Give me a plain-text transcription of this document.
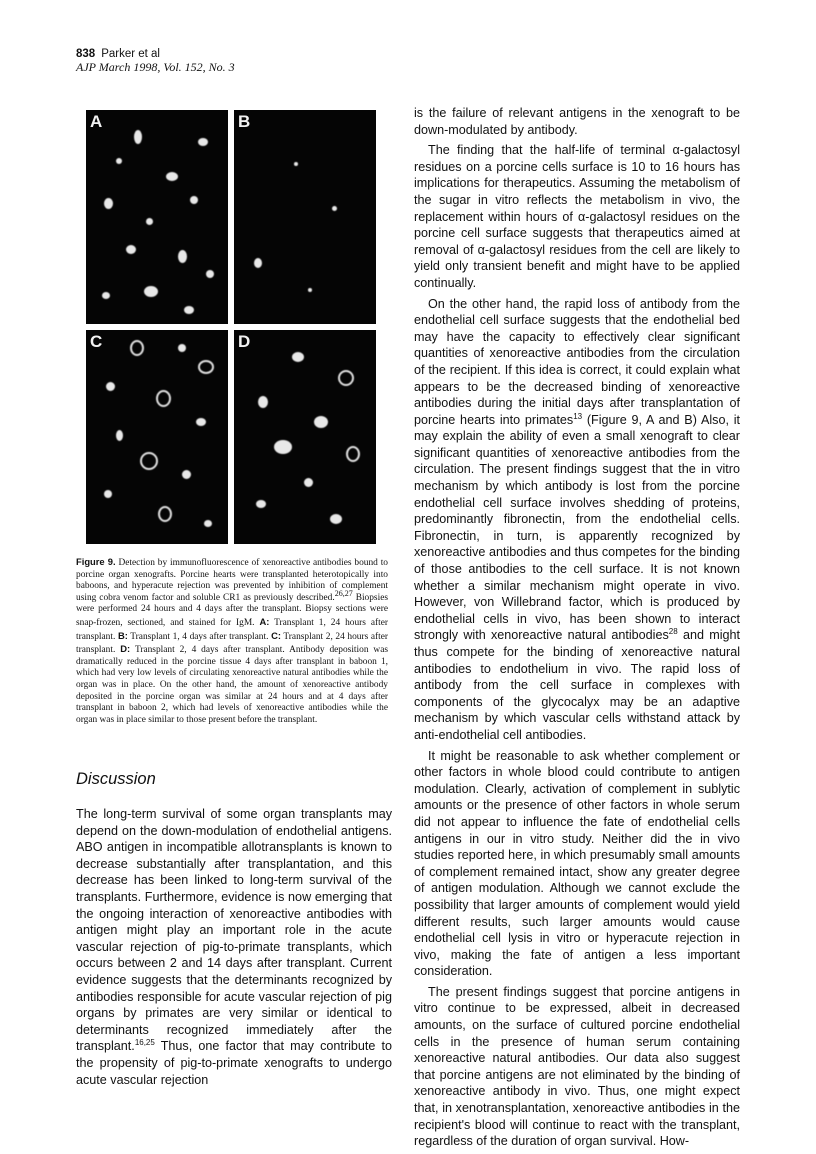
838 Parker et al
AJP March 1998, Vol. 152, No. 3
A	B
C	D
Figure 9. Detection by immunofluorescence of xenoreactive antibodies bound to porcine organ xenografts. Porcine hearts were transplanted heterotopically into baboons, and hyperacute rejection was prevented by inhibition of complement using cobra venom factor and soluble CR1 as previously described.$^{26,27}$ Biopsies were performed 24 hours and 4 days after the transplant. Biopsy sections were snap-frozen, sectioned, and stained for IgM. A: Transplant 1, 24 hours after transplant. B: Transplant 1, 4 days after transplant. C: Transplant 2, 24 hours after transplant. D: Transplant 2, 4 days after transplant. Antibody deposition was dramatically reduced in the porcine tissue 4 days after transplant in baboon 1, which had very low levels of circulating xenoreactive natural antibodies while the organ was in place. On the other hand, the amount of xenoreactive antibody deposited in the porcine organ was similar at 24 hours and at 4 days after transplant in baboon 2, which had levels of xenoreactive antibodies while the organ was in place similar to those present before the transplant.
Discussion

The long-term survival of some organ transplants may depend on the down-modulation of endothelial antigens. ABO antigen in incompatible allotransplants is known to decrease substantially after transplantation, and this decrease has been linked to long-term survival of the transplants. Furthermore, evidence is now emerging that the ongoing interaction of xenoreactive antibodies with antigen might play an important role in the acute vascular rejection of pig-to-primate transplants, which occurs between 2 and 14 days after transplant. Current evidence suggests that the determinants recognized by antibodies responsible for acute vascular rejection of pig organs by primates are very similar or identical to determinants recognized immediately after the transplant.$^{16,25}$ Thus, one factor that may contribute to the propensity of pig-to-primate xenografts to undergo acute vascular rejection

is the failure of relevant antigens in the xenograft to be down-modulated by antibody.

The finding that the half-life of terminal α-galactosyl residues on a porcine cells surface is 10 to 16 hours has implications for therapeutics. Assuming the metabolism of the sugar in vitro reflects the metabolism in vivo, the replacement within hours of α-galactosyl residues on the porcine cell surface suggests that therapeutics aimed at removal of α-galactosyl residues from the cell are likely to yield only transient benefit and might have to be applied continually.

On the other hand, the rapid loss of antibody from the endothelial cell surface suggests that the endothelial bed may have the capacity to effectively clear significant quantities of xenoreactive antibodies from the circulation of the recipient. If this idea is correct, it could explain what appears to be the decreased binding of xenoreactive antibodies during the initial days after transplantation of porcine hearts into primates$^{13}$ (Figure 9, A and B) Also, it may explain the ability of even a small xenograft to clear significant quantities of xenoreactive antibodies from the circulation. The present findings suggest that the in vitro mechanism by which antibody is lost from the porcine endothelial cell surface involves shedding of proteins, predominantly fibronectin, from the endothelial cells. Fibronectin, in turn, is apparently recognized by xenoreactive antibodies and thus competes for the binding of those antibodies to the cell surface. It is not known whether a similar mechanism might operate in vivo. However, von Willebrand factor, which is produced by endothelial cells in vivo, has been shown to interact strongly with xenoreactive natural antibodies$^{28}$ and might thus compete for the binding of xenoreactive natural antibodies to endothelium in vivo. The rapid loss of antibody from the cell surface in complexes with components of the glycocalyx may be an adaptive mechanism by which vascular cells withstand attack by anti-endothelial cell antibodies.

It might be reasonable to ask whether complement or other factors in whole blood could contribute to antigen modulation. Clearly, activation of complement in sublytic amounts or the presence of other factors in whole serum did not appear to influence the fate of endothelial cells antigens in our in vitro study. Neither did the in vivo studies reported here, in which presumably small amounts of complement remained intact, show any greater degree of antigen modulation. Although we cannot exclude the possibility that larger amounts of complement would yield different results, such larger amounts would cause endothelial cell lysis in vitro or hyperacute rejection in vivo, making the fate of antigen a less important consideration.

The present findings suggest that porcine antigens in vitro continue to be expressed, albeit in decreased amounts, on the surface of cultured porcine endothelial cells in the presence of human serum containing xenoreactive natural antibodies. Our data also suggest that porcine antigens are not eliminated by the binding of xenoreactive antibody in vivo. Thus, one might expect that, in xenotransplantation, xenoreactive antibodies in the recipient's blood will continue to react with the transplant, regardless of the duration of organ survival. How-
